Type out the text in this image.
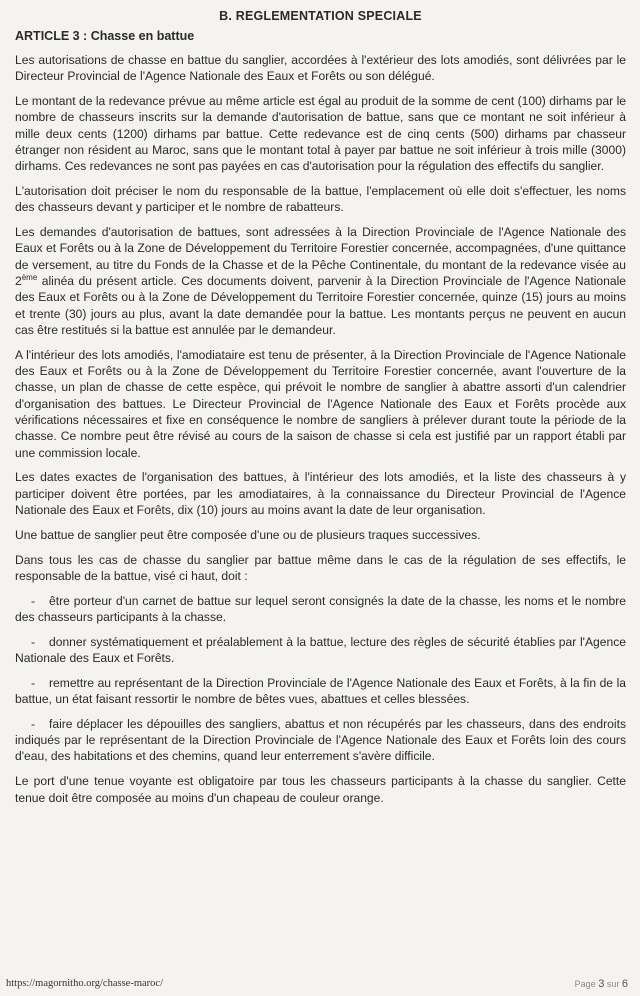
B. REGLEMENTATION SPECIALE
ARTICLE 3 : Chasse en battue

Les autorisations de chasse en battue du sanglier, accordées à l'extérieur des lots amodiés, sont délivrées par le Directeur Provincial de l'Agence Nationale des Eaux et Forêts ou son délégué.

Le montant de la redevance prévue au même article est égal au produit de la somme de cent (100) dirhams par le nombre de chasseurs inscrits sur la demande d'autorisation de battue, sans que ce montant ne soit inférieur à mille deux cents (1200) dirhams par battue. Cette redevance est de cinq cents (500) dirhams par chasseur étranger non résident au Maroc, sans que le montant total à payer par battue ne soit inférieur à trois mille (3000) dirhams. Ces redevances ne sont pas payées en cas d'autorisation pour la régulation des effectifs du sanglier.

L'autorisation doit préciser le nom du responsable de la battue, l'emplacement où elle doit s'effectuer, les noms des chasseurs devant y participer et le nombre de rabatteurs.

Les demandes d'autorisation de battues, sont adressées à la Direction Provinciale de l'Agence Nationale des Eaux et Forêts ou à la Zone de Développement du Territoire Forestier concernée, accompagnées, d'une quittance de versement, au titre du Fonds de la Chasse et de la Pêche Continentale, du montant de la redevance visée au 2ème alinéa du présent article. Ces documents doivent, parvenir à la Direction Provinciale de l'Agence Nationale des Eaux et Forêts ou à la Zone de Développement du Territoire Forestier concernée, quinze (15) jours au moins et trente (30) jours au plus, avant la date demandée pour la battue. Les montants perçus ne peuvent en aucun cas être restitués si la battue est annulée par le demandeur.

A l'intérieur des lots amodiés, l'amodiataire est tenu de présenter, à la Direction Provinciale de l'Agence Nationale des Eaux et Forêts ou à la Zone de Développement du Territoire Forestier concernée, avant l'ouverture de la chasse, un plan de chasse de cette espèce, qui prévoit le nombre de sanglier à abattre assorti d'un calendrier d'organisation des battues. Le Directeur Provincial de l'Agence Nationale des Eaux et Forêts procède aux vérifications nécessaires et fixe en conséquence le nombre de sangliers à prélever durant toute la période de la chasse. Ce nombre peut être révisé au cours de la saison de chasse si cela est justifié par un rapport établi par une commission locale.

Les dates exactes de l'organisation des battues, à l'intérieur des lots amodiés, et la liste des chasseurs à y participer doivent être portées, par les amodiataires, à la connaissance du Directeur Provincial de l'Agence Nationale des Eaux et Forêts, dix (10) jours au moins avant la date de leur organisation.

Une battue de sanglier peut être composée d'une ou de plusieurs traques successives.

Dans tous les cas de chasse du sanglier par battue même dans le cas de la régulation de ses effectifs, le responsable de la battue, visé ci haut, doit :

- être porteur d'un carnet de battue sur lequel seront consignés la date de la chasse, les noms et le nombre des chasseurs participants à la chasse.

- donner systématiquement et préalablement à la battue, lecture des règles de sécurité établies par l'Agence Nationale des Eaux et Forêts.

- remettre au représentant de la Direction Provinciale de l'Agence Nationale des Eaux et Forêts, à la fin de la battue, un état faisant ressortir le nombre de bêtes vues, abattues et celles blessées.

- faire déplacer les dépouilles des sangliers, abattus et non récupérés par les chasseurs, dans des endroits indiqués par le représentant de la Direction Provinciale de l'Agence Nationale des Eaux et Forêts loin des cours d'eau, des habitations et des chemins, quand leur enterrement s'avère difficile.

Le port d'une tenue voyante est obligatoire par tous les chasseurs participants à la chasse du sanglier. Cette tenue doit être composée au moins d'un chapeau de couleur orange.

https://magornitho.org/chasse-maroc/	Page 3 sur 6
